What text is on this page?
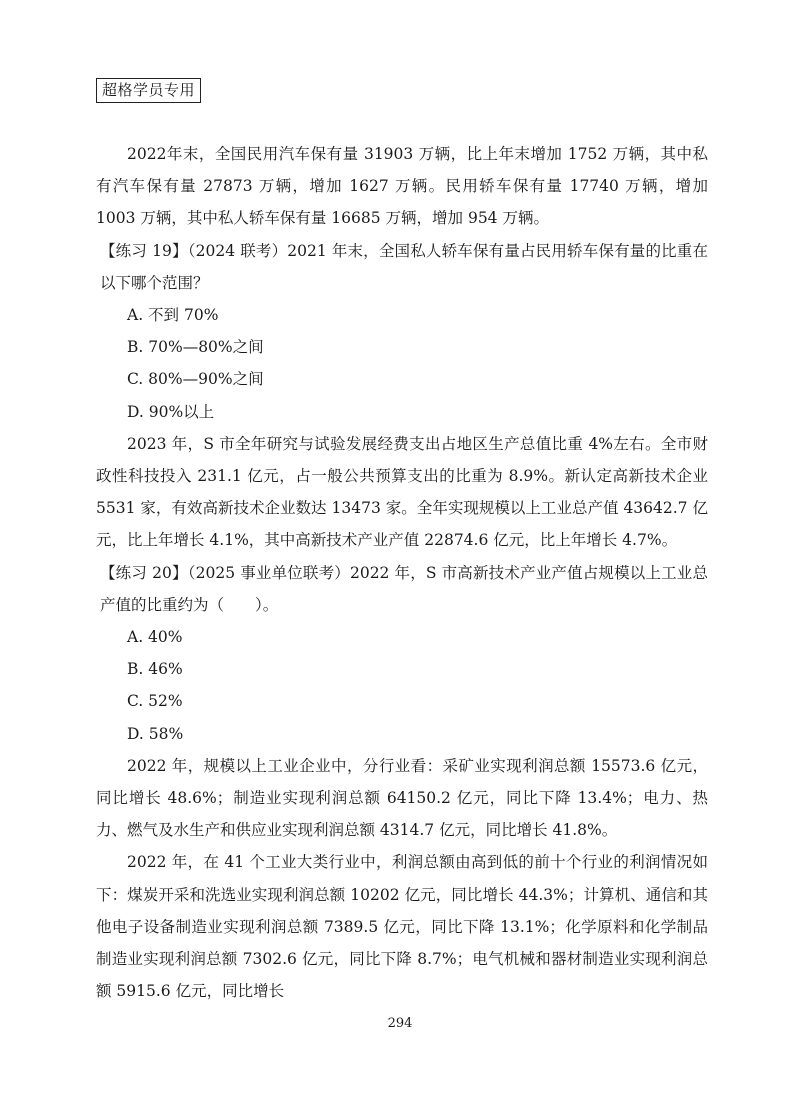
超格学员专用

2022年末，全国民用汽车保有量 31903 万辆，比上年末增加 1752 万辆，其中私有汽车保有量 27873 万辆，增加 1627 万辆。民用轿车保有量 17740 万辆，增加 1003 万辆，其中私人轿车保有量 16685 万辆，增加 954 万辆。

【练习 19】（2024 联考）2021 年末，全国私人轿车保有量占民用轿车保有量的比重在以下哪个范围？

A. 不到 70%

B. 70%—80%之间

C. 80%—90%之间

D. 90%以上

2023 年，S 市全年研究与试验发展经费支出占地区生产总值比重 4%左右。全市财政性科技投入 231.1 亿元，占一般公共预算支出的比重为 8.9%。新认定高新技术企业 5531 家，有效高新技术企业数达 13473 家。全年实现规模以上工业总产值 43642.7 亿元，比上年增长 4.1%，其中高新技术产业产值 22874.6 亿元，比上年增长 4.7%。

【练习 20】（2025 事业单位联考）2022 年，S 市高新技术产业产值占规模以上工业总产值的比重约为（　　）。

A. 40%

B. 46%

C. 52%

D. 58%

2022 年，规模以上工业企业中，分行业看：采矿业实现利润总额 15573.6 亿元，同比增长 48.6%；制造业实现利润总额 64150.2 亿元，同比下降 13.4%；电力、热力、燃气及水生产和供应业实现利润总额 4314.7 亿元，同比增长 41.8%。

2022 年，在 41 个工业大类行业中，利润总额由高到低的前十个行业的利润情况如下：煤炭开采和洗选业实现利润总额 10202 亿元，同比增长 44.3%；计算机、通信和其他电子设备制造业实现利润总额 7389.5 亿元，同比下降 13.1%；化学原料和化学制品制造业实现利润总额 7302.6 亿元，同比下降 8.7%；电气机械和器材制造业实现利润总额 5915.6 亿元，同比增长

294
